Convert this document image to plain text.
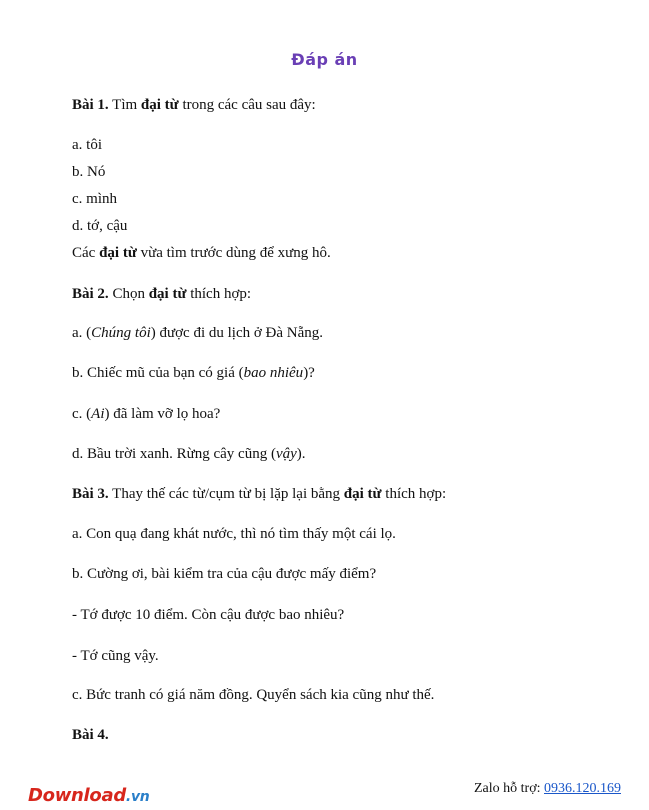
Đáp án
Bài 1. Tìm đại từ trong các câu sau đây:
a. tôi
b. Nó
c. mình
d. tớ, cậu
Các đại từ vừa tìm trước dùng để xưng hô.
Bài 2. Chọn đại từ thích hợp:
a. (Chúng tôi) được đi du lịch ở Đà Nẵng.
b. Chiếc mũ của bạn có giá (bao nhiêu)?
c. (Ai) đã làm vỡ lọ hoa?
d. Bầu trời xanh. Rừng cây cũng (vậy).
Bài 3. Thay thế các từ/cụm từ bị lặp lại bằng đại từ thích hợp:
a. Con quạ đang khát nước, thì nó tìm thấy một cái lọ.
b. Cường ơi, bài kiểm tra của cậu được mấy điểm?
- Tớ được 10 điểm. Còn cậu được bao nhiêu?
- Tớ cũng vậy.
c. Bức tranh có giá năm đồng. Quyển sách kia cũng như thế.
Bài 4.
Download.vn
Zalo hỗ trợ: 0936.120.169
